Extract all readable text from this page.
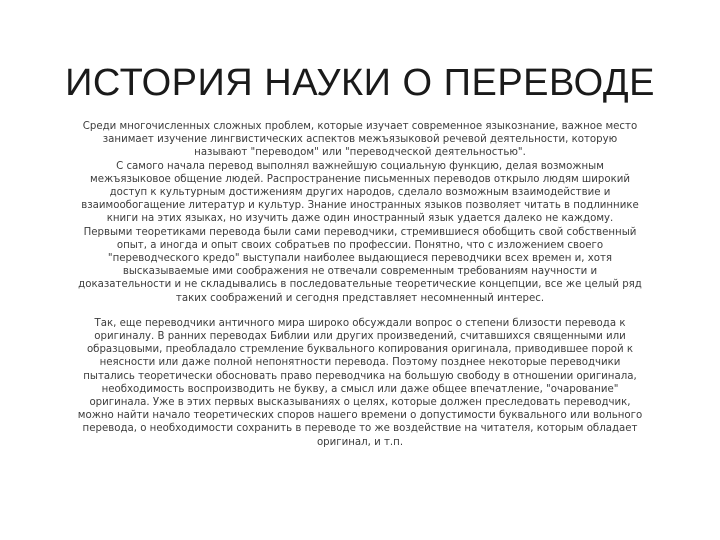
ИСТОРИЯ НАУКИ О ПЕРЕВОДЕ

Среди многочисленных сложных проблем, которые изучает современное языкознание, важное место занимает изучение лингвистических аспектов межъязыковой речевой деятельности, которую называют "переводом" или "переводческой деятельностью".

С самого начала перевод выполнял важнейшую социальную функцию, делая возможным межъязыковое общение людей. Распространение письменных переводов открыло людям широкий доступ к культурным достижениям других народов, сделало возможным взаимодействие и взаимообогащение литератур и культур. Знание иностранных языков позволяет читать в подлиннике книги на этих языках, но изучить даже один иностранный язык удается далеко не каждому.

Первыми теоретиками перевода были сами переводчики, стремившиеся обобщить свой собственный опыт, а иногда и опыт своих собратьев по профессии. Понятно, что с изложением своего "переводческого кредо" выступали наиболее выдающиеся переводчики всех времен и, хотя высказываемые ими соображения не отвечали современным требованиям научности и доказательности и не складывались в последовательные теоретические концепции, все же целый ряд таких соображений и сегодня представляет несомненный интерес.

Так, еще переводчики античного мира широко обсуждали вопрос о степени близости перевода к оригиналу. В ранних переводах Библии или других произведений, считавшихся священными или образцовыми, преобладало стремление буквального копирования оригинала, приводившее порой к неясности или даже полной непонятности перевода. Поэтому позднее некоторые переводчики пытались теоретически обосновать право переводчика на большую свободу в отношении оригинала, необходимость воспроизводить не букву, а смысл или даже общее впечатление, "очарование" оригинала. Уже в этих первых высказываниях о целях, которые должен преследовать переводчик, можно найти начало теоретических споров нашего времени о допустимости буквального или вольного перевода, о необходимости сохранить в переводе то же воздействие на читателя, которым обладает оригинал, и т.п.
